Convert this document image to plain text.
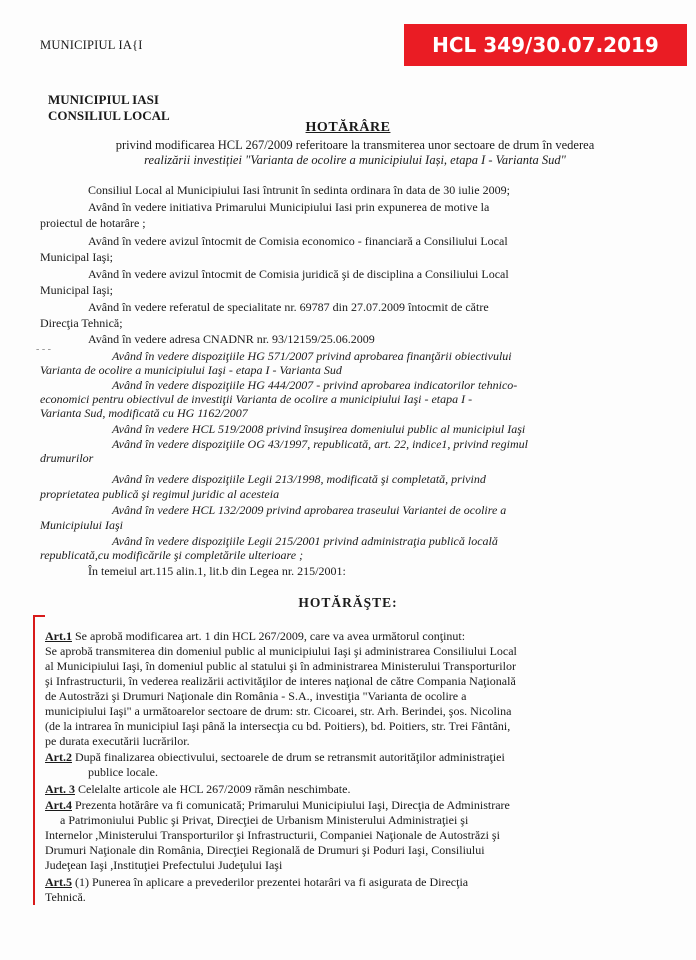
MUNICIPIUL IA{I	HCL 349/30.07.2019
MUNICIPIUL IASI
CONSILIUL LOCAL
HOTĂRÂRE
privind modificarea HCL 267/2009 referitoare la transmiterea unor sectoare de drum în vederea
realizării investiției "Varianta de ocolire a municipiului Iași, etapa I - Varianta Sud"
Consiliul Local al Municipiului Iasi întrunit în sedinta ordinara în data de 30 iulie 2009;
Având în vedere initiativa Primarului Municipiului Iasi prin expunerea de motive la
proiectul de hotarâre ;
Având în vedere avizul întocmit de Comisia economico - financiară a Consiliului Local
Municipal Iaşi;
Având în vedere avizul întocmit de Comisia juridică şi de disciplina a Consiliului Local
Municipal Iaşi;
Având în vedere referatul de specialitate nr. 69787 din 27.07.2009 întocmit de către
Direcţia Tehnică;
Având în vedere adresa CNADNR nr. 93/12159/25.06.2009
- - -	Având în vedere dispoziţiile HG 571/2007 privind aprobarea finanţării obiectivului
Varianta de ocolire a municipiului Iaşi - etapa I - Varianta Sud
Având în vedere dispoziţiile HG 444/2007 - privind aprobarea indicatorilor tehnico-
economici pentru obiectivul de investiţii Varianta de ocolire a municipiului Iaşi - etapa I -
Varianta Sud, modificată cu HG 1162/2007
Având în vedere HCL 519/2008 privind însuşirea domeniului public al municipiul Iaşi
Având în vedere dispoziţiile OG 43/1997, republicată, art. 22, indice1, privind regimul
drumurilor
Având în vedere dispoziţiile Legii 213/1998, modificată şi completată, privind
proprietatea publică şi regimul juridic al acesteia
Având în vedere HCL 132/2009 privind aprobarea traseului Variantei de ocolire a
Municipiului Iaşi
Având în vedere dispoziţiile Legii 215/2001 privind administraţia publică locală
republicată,cu modificările şi completările ulterioare ;
În temeiul art.115 alin.1, lit.b din Legea nr. 215/2001:
HOTĂRĂŞTE:
Art.1 Se aprobă modificarea art. 1 din HCL 267/2009, care va avea următorul conţinut:
Se aprobă transmiterea din domeniul public al municipiului Iaşi şi administrarea Consiliului Local
al Municipiului Iaşi, în domeniul public al statului şi în administrarea Ministerului Transporturilor
şi Infrastructurii, în vederea realizării activităţilor de interes naţional de către Compania Naţională
de Autostrăzi şi Drumuri Naţionale din România - S.A., investiţia "Varianta de ocolire a
municipiului Iaşi" a următoarelor sectoare de drum: str. Cicoarei, str. Arh. Berindei, şos. Nicolina
(de la intrarea în municipiul Iaşi până la intersecţia cu bd. Poitiers), bd. Poitiers, str. Trei Fântâni,
pe durata executării lucrărilor.
Art.2 După finalizarea obiectivului, sectoarele de drum se retransmit autorităţilor administraţiei
publice locale.
Art. 3 Celelalte articole ale HCL 267/2009 rămân neschimbate.
Art.4 Prezenta hotărâre va fi comunicată; Primarului Municipiului Iaşi, Direcţia de Administrare
a Patrimoniului Public şi Privat, Direcţiei de Urbanism Ministerului Administraţiei şi
Internelor ,Ministerului Transporturilor şi Infrastructurii, Companiei Naţionale de Autostrăzi şi
Drumuri Naţionale din România, Direcţiei Regională de Drumuri şi Poduri Iaşi, Consiliului
Judeţean Iaşi ,Instituţiei Prefectului Judeţului Iaşi
Art.5 (1) Punerea în aplicare a prevederilor prezentei hotarâri va fi asigurata de Direcţia
Tehnică.
